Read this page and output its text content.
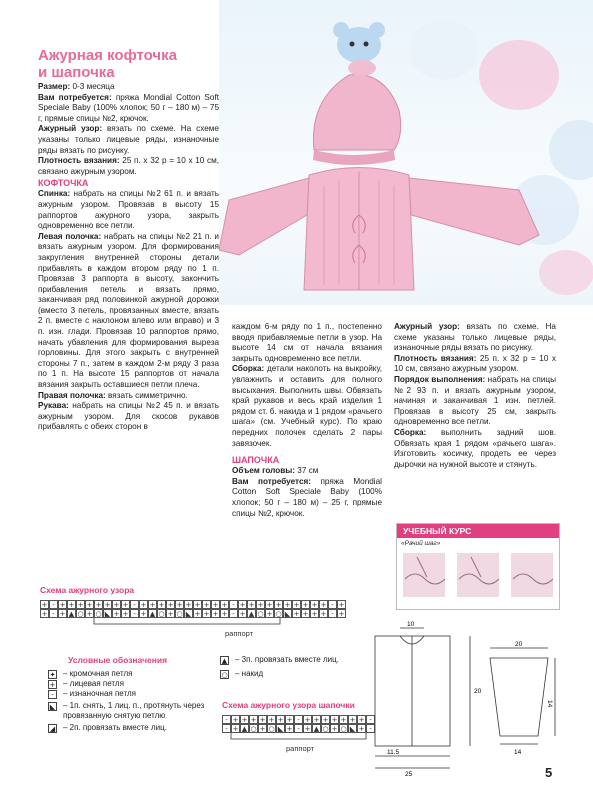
Ажурная кофточка
и шапочка

Размер: 0-3 месяца

Вам потребуется: пряжа Mondial Cotton Soft Speciale Baby (100% хлопок; 50 г – 180 м) – 75 г, прямые спицы №2, крючок.

Ажурный узор: вязать по схеме. На схеме указаны только лицевые ряды, изнаночные ряды вязать по рисунку.

Плотность вязания: 25 п. х 32 р = 10 х 10 см, связано ажурным узором.

КОФТОЧКА

Спинка: набрать на спицы №2 61 п. и вязать ажурным узором. Провязав в высоту 15 раппортов ажурного узора, закрыть одновременно все петли.

Левая полочка: набрать на спицы №2 21 п. и вязать ажурным узором. Для формирования закругления внутренней стороны детали прибавлять в каждом втором ряду по 1 п. Провязав 3 раппорта в высоту, закончить прибавления петель и вязать прямо, заканчивая ряд половинкой ажурной дорожки (вместо 3 петель, провязанных вместе, вязать 2 п. вместе с наклоном влево или вправо) и 3 п. изн. глади. Провязав 10 раппортов прямо, начать убавления для формирования выреза горловины. Для этого закрыть с внутренней стороны 7 п., затем в каждом 2-м ряду 3 раза по 1 п. На высоте 15 раппортов от начала вязания закрыть оставшиеся петли плеча.

Правая полочка: вязать симметрично.

Рукава: набрать на спицы №2 45 п. и вязать ажурным узором. Для скосов рукавов прибавлять с обеих сторон в

каждом 6-м ряду по 1 п., постепенно вводя прибавляемые петли в узор. На высоте 14 см от начала вязания закрыть одновременно все петли.

Сборка: детали наколоть на выкройку, увлажнить и оставить для полного высыхания. Выполнить швы. Обвязать край рукавов и весь край изделия 1 рядом ст. б. накида и 1 рядом «рачьего шага» (см. Учебный курс). По краю передних полочек сделать 2 пары завязочек.

ШАПОЧКА

Объем головы: 37 см

Вам потребуется: пряжа Mondial Cotton Soft Speciale Baby (100% хлопок; 50 г – 180 м) – 25 г, прямые спицы №2, крючок.

Ажурный узор: вязать по схеме. На схеме указаны только лицевые ряды, изнаночные ряды вязать по рисунку.

Плотность вязания: 25 п. х 32 р = 10 х 10 см, связано ажурным узором.

Порядок выполнения: набрать на спицы №2 93 п. и вязать ажурным узором, начиная и заканчивая 1 изн. петлей. Провязав в высоту 25 см, закрыть одновременно все петли.

Сборка: выполнить задний шов. Обвязать края 1 рядом «рачьего шага». Изготовить косичку, продеть ее через дырочки на нужной высоте и стянуть.

УЧЕБНЫЙ КУРС
«Рачий шаг»
Схема ажурного узора
+ - + + + + + + + + - + + + + + + + + + + - + + + + + + + + + + - +
+ - + ▲ ○ + ○ ◣ + + - + ▲ ○ + ○ ◣ + + + + - + ▲ ○ + ○ ◣ + + + + - +
раппорт
Условные обозначения
✦ – кромочная петля
+ – лицевая петля
-	– изнаночная петля
◣ – 1п. снять, 1 лиц. п., протянуть через провязанную снятую петлю
◢ – 2п. провязать вместе лиц.
▲ – 3п. провязать вместе лиц.
○ – накид
Схема ажурного узора шапочки
- + + + + + + + - + + + + + + + -
- + ▲ ○ + ○ ◣ + - + ▲ ○ + ○ ◣ + -
раппорт
10
20
11.5
25
20
14
14
5
